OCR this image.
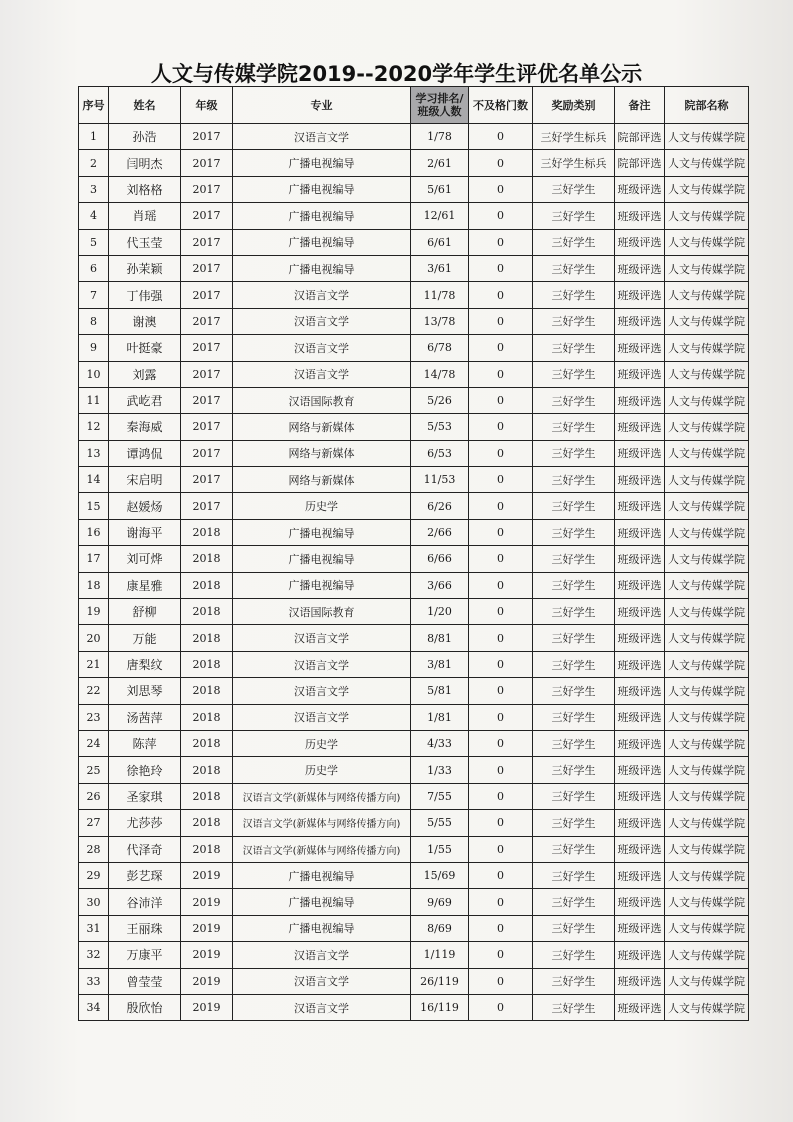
人文与传媒学院2019--2020学年学生评优名单公示
序号	姓名	年级	专业	学习排名/
班级人数	不及格门数	奖励类别	备注	院部名称
1	孙浩	2017	汉语言文学	1/78	0	三好学生标兵	院部评选	人文与传媒学院
2	闫明杰	2017	广播电视编导	2/61	0	三好学生标兵	院部评选	人文与传媒学院
3	刘格格	2017	广播电视编导	5/61	0	三好学生	班级评选	人文与传媒学院
4	肖瑶	2017	广播电视编导	12/61	0	三好学生	班级评选	人文与传媒学院
5	代玉莹	2017	广播电视编导	6/61	0	三好学生	班级评选	人文与传媒学院
6	孙茉颖	2017	广播电视编导	3/61	0	三好学生	班级评选	人文与传媒学院
7	丁伟强	2017	汉语言文学	11/78	0	三好学生	班级评选	人文与传媒学院
8	谢澳	2017	汉语言文学	13/78	0	三好学生	班级评选	人文与传媒学院
9	叶挺豪	2017	汉语言文学	6/78	0	三好学生	班级评选	人文与传媒学院
10	刘露	2017	汉语言文学	14/78	0	三好学生	班级评选	人文与传媒学院
11	武屹君	2017	汉语国际教育	5/26	0	三好学生	班级评选	人文与传媒学院
12	秦海威	2017	网络与新媒体	5/53	0	三好学生	班级评选	人文与传媒学院
13	谭鸿侃	2017	网络与新媒体	6/53	0	三好学生	班级评选	人文与传媒学院
14	宋启明	2017	网络与新媒体	11/53	0	三好学生	班级评选	人文与传媒学院
15	赵媛炀	2017	历史学	6/26	0	三好学生	班级评选	人文与传媒学院
16	谢海平	2018	广播电视编导	2/66	0	三好学生	班级评选	人文与传媒学院
17	刘可烨	2018	广播电视编导	6/66	0	三好学生	班级评选	人文与传媒学院
18	康星雅	2018	广播电视编导	3/66	0	三好学生	班级评选	人文与传媒学院
19	舒柳	2018	汉语国际教育	1/20	0	三好学生	班级评选	人文与传媒学院
20	万能	2018	汉语言文学	8/81	0	三好学生	班级评选	人文与传媒学院
21	唐梨纹	2018	汉语言文学	3/81	0	三好学生	班级评选	人文与传媒学院
22	刘思琴	2018	汉语言文学	5/81	0	三好学生	班级评选	人文与传媒学院
23	汤茜萍	2018	汉语言文学	1/81	0	三好学生	班级评选	人文与传媒学院
24	陈萍	2018	历史学	4/33	0	三好学生	班级评选	人文与传媒学院
25	徐艳玲	2018	历史学	1/33	0	三好学生	班级评选	人文与传媒学院
26	圣家琪	2018	汉语言文学(新媒体与网络传播方向)	7/55	0	三好学生	班级评选	人文与传媒学院
27	尤莎莎	2018	汉语言文学(新媒体与网络传播方向)	5/55	0	三好学生	班级评选	人文与传媒学院
28	代泽奇	2018	汉语言文学(新媒体与网络传播方向)	1/55	0	三好学生	班级评选	人文与传媒学院
29	彭艺琛	2019	广播电视编导	15/69	0	三好学生	班级评选	人文与传媒学院
30	谷沛洋	2019	广播电视编导	9/69	0	三好学生	班级评选	人文与传媒学院
31	王丽珠	2019	广播电视编导	8/69	0	三好学生	班级评选	人文与传媒学院
32	万康平	2019	汉语言文学	1/119	0	三好学生	班级评选	人文与传媒学院
33	曾莹莹	2019	汉语言文学	26/119	0	三好学生	班级评选	人文与传媒学院
34	殷欣怡	2019	汉语言文学	16/119	0	三好学生	班级评选	人文与传媒学院
